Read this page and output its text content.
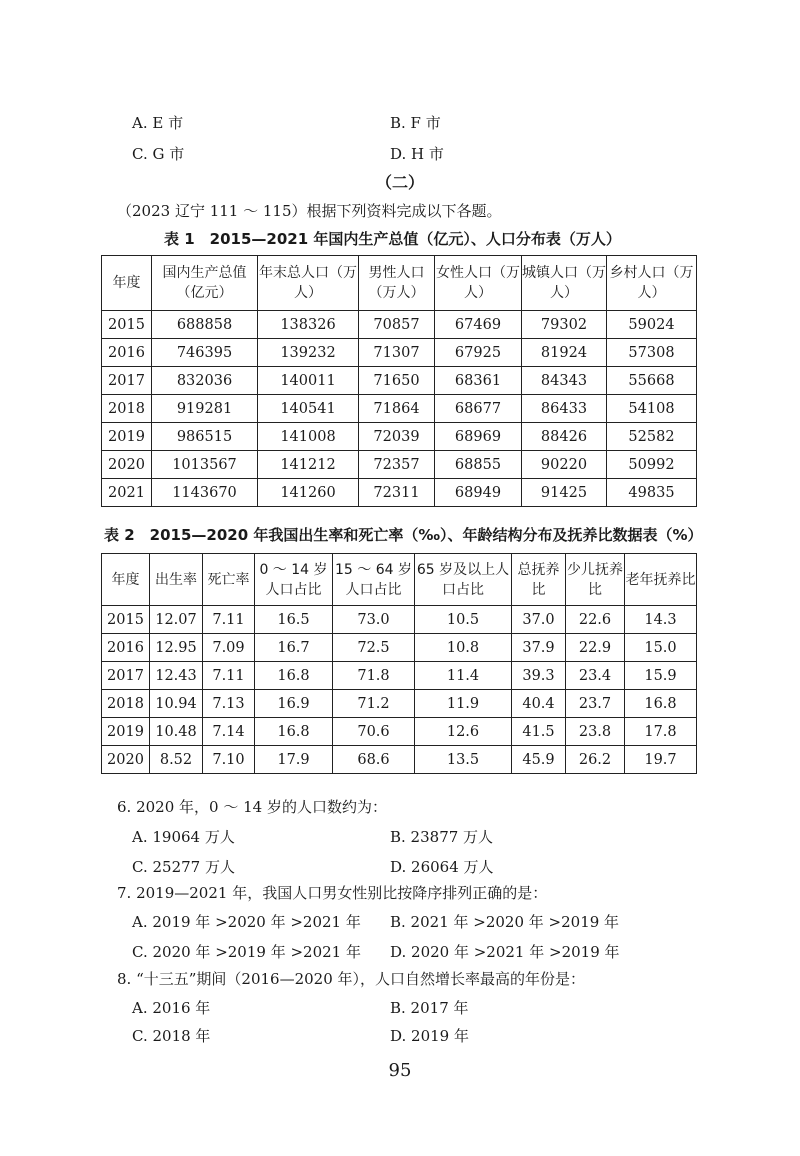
A. E 市	B. F 市
C. G 市	D. H 市
（二）
（2023 辽宁 111 ～ 115）根据下列资料完成以下各题。
表 1　2015—2021 年国内生产总值（亿元）、人口分布表（万人）
年度	国内生产总值（亿元）	年末总人口（万人）	男性人口（万人）	女性人口（万人）	城镇人口（万人）	乡村人口（万人）
2015	688858	138326	70857	67469	79302	59024
2016	746395	139232	71307	67925	81924	57308
2017	832036	140011	71650	68361	84343	55668
2018	919281	140541	71864	68677	86433	54108
2019	986515	141008	72039	68969	88426	52582
2020	1013567	141212	72357	68855	90220	50992
2021	1143670	141260	72311	68949	91425	49835
表 2　2015—2020 年我国出生率和死亡率（‰）、年龄结构分布及抚养比数据表（%）
年度	出生率	死亡率	0 ～ 14 岁人口占比	15 ～ 64 岁人口占比	65 岁及以上人口占比	总抚养比	少儿抚养比	老年抚养比
2015	12.07	7.11	16.5	73.0	10.5	37.0	22.6	14.3
2016	12.95	7.09	16.7	72.5	10.8	37.9	22.9	15.0
2017	12.43	7.11	16.8	71.8	11.4	39.3	23.4	15.9
2018	10.94	7.13	16.9	71.2	11.9	40.4	23.7	16.8
2019	10.48	7.14	16.8	70.6	12.6	41.5	23.8	17.8
2020	8.52	7.10	17.9	68.6	13.5	45.9	26.2	19.7
6. 2020 年，0 ～ 14 岁的人口数约为：
A. 19064 万人	B. 23877 万人
C. 25277 万人	D. 26064 万人
7. 2019—2021 年，我国人口男女性别比按降序排列正确的是：
A. 2019 年 >2020 年 >2021 年 B. 2021 年 >2020 年 >2019 年
C. 2020 年 >2019 年 >2021 年 D. 2020 年 >2021 年 >2019 年
8. “十三五”期间（2016—2020 年），人口自然增长率最高的年份是：
A. 2016 年	B. 2017 年
C. 2018 年	D. 2019 年
95
